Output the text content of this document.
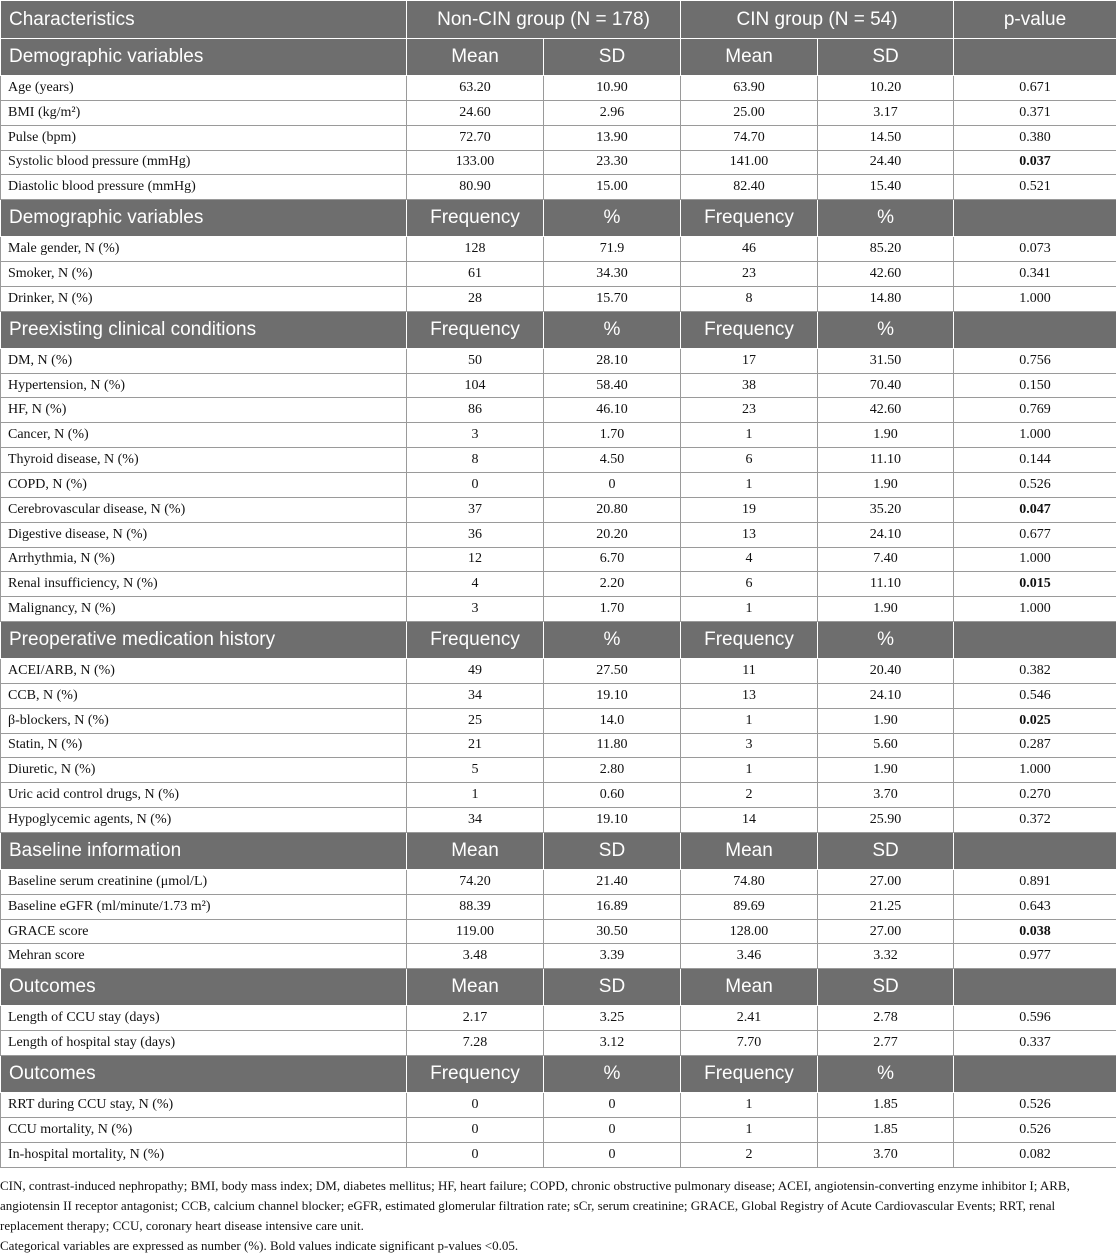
Characteristics	Non-CIN group (N = 178)		CIN group (N = 54)		p-value
Demographic variables	Mean	SD	Mean	SD	
Age (years)	63.20	10.90	63.90	10.20	0.671
BMI (kg/m²)	24.60	2.96	25.00	3.17	0.371
Pulse (bpm)	72.70	13.90	74.70	14.50	0.380
Systolic blood pressure (mmHg)	133.00	23.30	141.00	24.40	0.037
Diastolic blood pressure (mmHg)	80.90	15.00	82.40	15.40	0.521
Demographic variables	Frequency	%	Frequency	%	
Male gender, N (%)	128	71.9	46	85.20	0.073
Smoker, N (%)	61	34.30	23	42.60	0.341
Drinker, N (%)	28	15.70	8	14.80	1.000
Preexisting clinical conditions	Frequency	%	Frequency	%	
DM, N (%)	50	28.10	17	31.50	0.756
Hypertension, N (%)	104	58.40	38	70.40	0.150
HF, N (%)	86	46.10	23	42.60	0.769
Cancer, N (%)	3	1.70	1	1.90	1.000
Thyroid disease, N (%)	8	4.50	6	11.10	0.144
COPD, N (%)	0	0	1	1.90	0.526
Cerebrovascular disease, N (%)	37	20.80	19	35.20	0.047
Digestive disease, N (%)	36	20.20	13	24.10	0.677
Arrhythmia, N (%)	12	6.70	4	7.40	1.000
Renal insufficiency, N (%)	4	2.20	6	11.10	0.015
Malignancy, N (%)	3	1.70	1	1.90	1.000
Preoperative medication history	Frequency	%	Frequency	%	
ACEI/ARB, N (%)	49	27.50	11	20.40	0.382
CCB, N (%)	34	19.10	13	24.10	0.546
β-blockers, N (%)	25	14.0	1	1.90	0.025
Statin, N (%)	21	11.80	3	5.60	0.287
Diuretic, N (%)	5	2.80	1	1.90	1.000
Uric acid control drugs, N (%)	1	0.60	2	3.70	0.270
Hypoglycemic agents, N (%)	34	19.10	14	25.90	0.372
Baseline information	Mean	SD	Mean	SD	
Baseline serum creatinine (μmol/L)	74.20	21.40	74.80	27.00	0.891
Baseline eGFR (ml/minute/1.73 m²)	88.39	16.89	89.69	21.25	0.643
GRACE score	119.00	30.50	128.00	27.00	0.038
Mehran score	3.48	3.39	3.46	3.32	0.977
Outcomes	Mean	SD	Mean	SD	
Length of CCU stay (days)	2.17	3.25	2.41	2.78	0.596
Length of hospital stay (days)	7.28	3.12	7.70	2.77	0.337
Outcomes	Frequency	%	Frequency	%	
RRT during CCU stay, N (%)	0	0	1	1.85	0.526
CCU mortality, N (%)	0	0	1	1.85	0.526
In-hospital mortality, N (%)	0	0	2	3.70	0.082

CIN, contrast-induced nephropathy; BMI, body mass index; DM, diabetes mellitus; HF, heart failure; COPD, chronic obstructive pulmonary disease; ACEI, angiotensin-converting enzyme inhibitor I; ARB, angiotensin II receptor antagonist; CCB, calcium channel blocker; eGFR, estimated glomerular filtration rate; sCr, serum creatinine; GRACE, Global Registry of Acute Cardiovascular Events; RRT, renal replacement therapy; CCU, coronary heart disease intensive care unit.

Categorical variables are expressed as number (%). Bold values indicate significant p-values <0.05.
